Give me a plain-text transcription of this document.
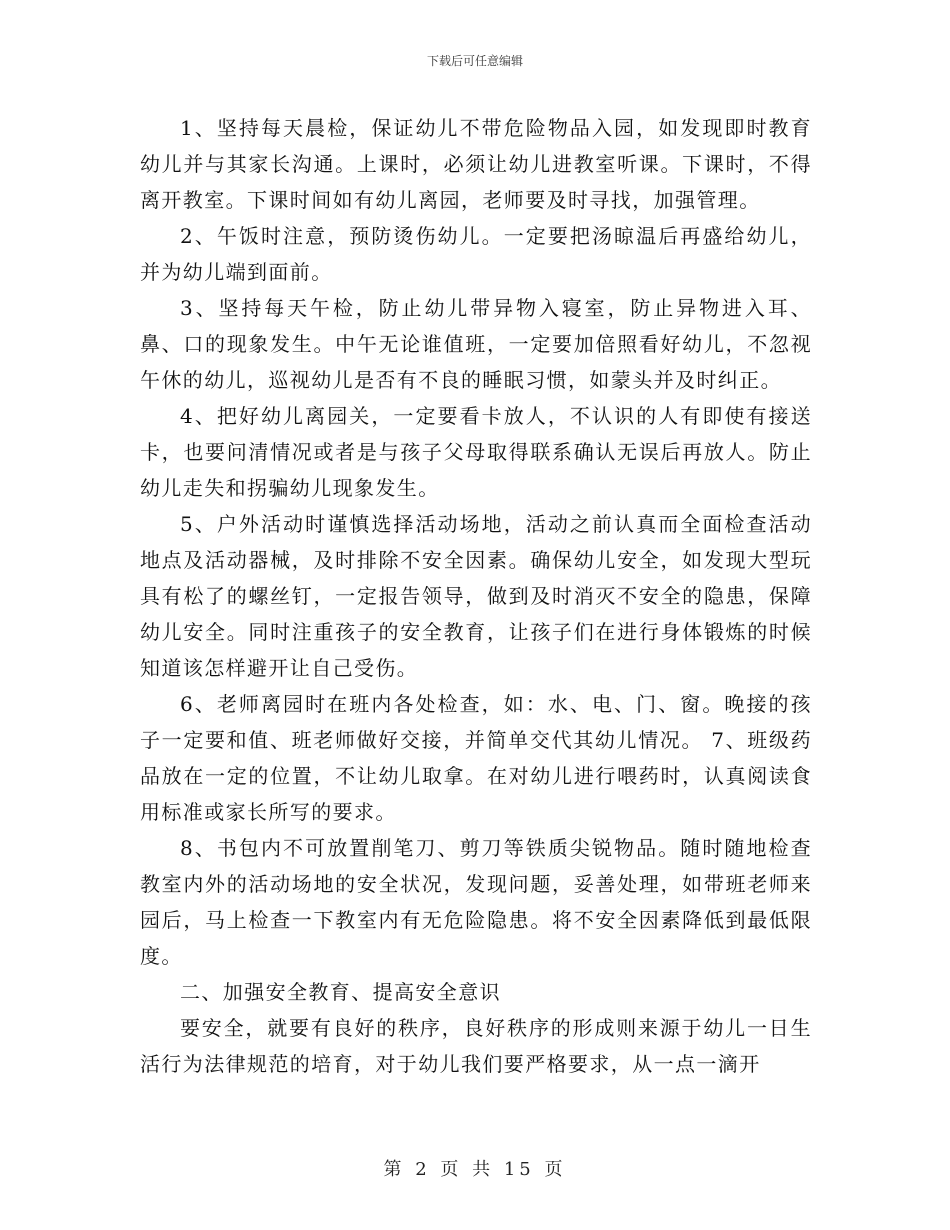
下载后可任意编辑

1、坚持每天晨检，保证幼儿不带危险物品入园，如发现即时教育幼儿并与其家长沟通。上课时，必须让幼儿进教室听课。下课时，不得离开教室。下课时间如有幼儿离园，老师要及时寻找，加强管理。

2、午饭时注意，预防烫伤幼儿。一定要把汤晾温后再盛给幼儿，并为幼儿端到面前。

3、坚持每天午检，防止幼儿带异物入寝室，防止异物进入耳、鼻、口的现象发生。中午无论谁值班，一定要加倍照看好幼儿，不忽视午休的幼儿，巡视幼儿是否有不良的睡眠习惯，如蒙头并及时纠正。

4、把好幼儿离园关，一定要看卡放人，不认识的人有即使有接送卡，也要问清情况或者是与孩子父母取得联系确认无误后再放人。防止幼儿走失和拐骗幼儿现象发生。

5、户外活动时谨慎选择活动场地，活动之前认真而全面检查活动地点及活动器械，及时排除不安全因素。确保幼儿安全，如发现大型玩具有松了的螺丝钉，一定报告领导，做到及时消灭不安全的隐患，保障幼儿安全。同时注重孩子的安全教育，让孩子们在进行身体锻炼的时候知道该怎样避开让自己受伤。

6、老师离园时在班内各处检查，如：水、电、门、窗。晚接的孩子一定要和值、班老师做好交接，并简单交代其幼儿情况。 7、班级药品放在一定的位置，不让幼儿取拿。在对幼儿进行喂药时，认真阅读食用标准或家长所写的要求。

8、书包内不可放置削笔刀、剪刀等铁质尖锐物品。随时随地检查教室内外的活动场地的安全状况，发现问题，妥善处理，如带班老师来园后，马上检查一下教室内有无危险隐患。将不安全因素降低到最低限度。

二、加强安全教育、提高安全意识

要安全，就要有良好的秩序，良好秩序的形成则来源于幼儿一日生活行为法律规范的培育，对于幼儿我们要严格要求，从一点一滴开

第 2 页 共 15 页
